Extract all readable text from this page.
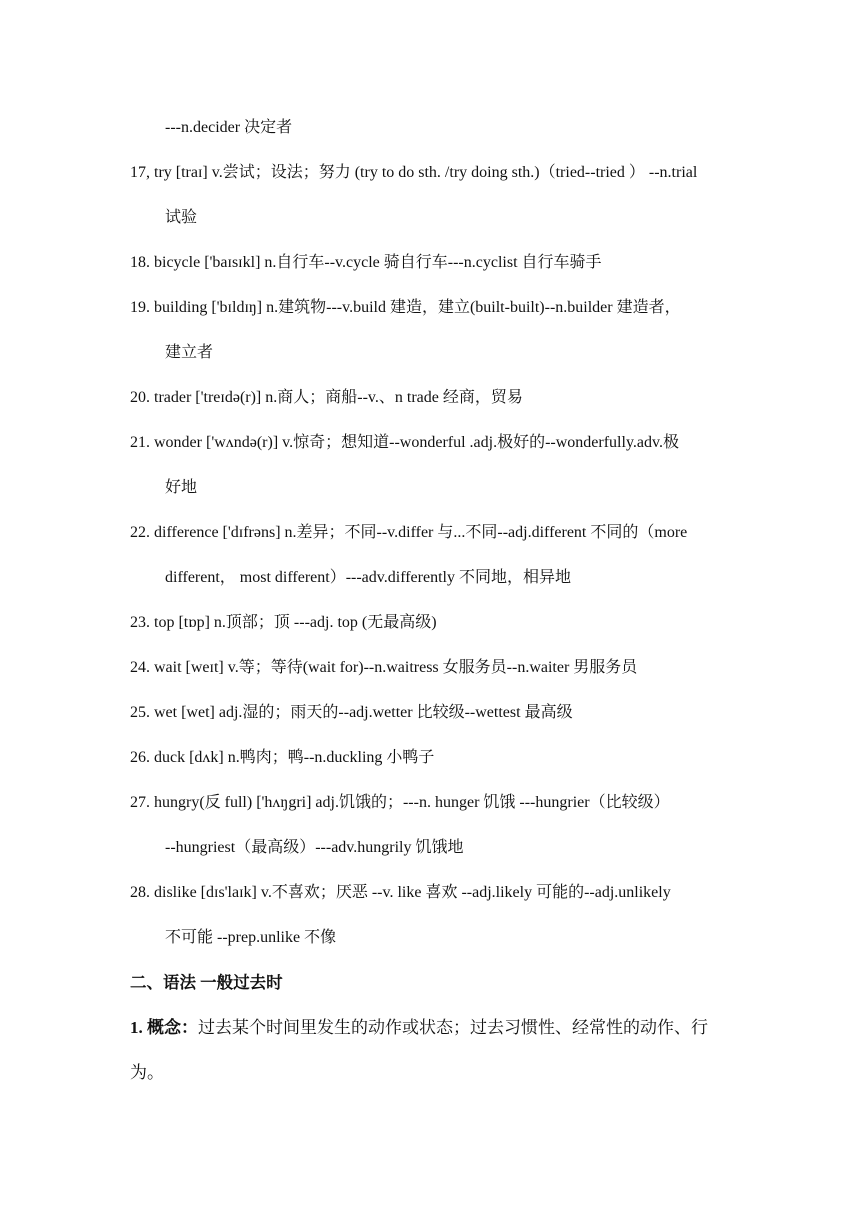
---n.decider 决定者
17, try [traɪ] v.尝试；设法；努力 (try to do sth. /try doing sth.)（tried--tried ） --n.trial
试验
18. bicycle ['baɪsɪkl] n.自行车--v.cycle 骑自行车---n.cyclist 自行车骑手
19. building ['bɪldɪŋ] n.建筑物---v.build 建造，建立(built-built)--n.builder 建造者，
建立者
20. trader ['treɪdə(r)] n.商人；商船--v.、n trade 经商，贸易
21. wonder ['wʌndə(r)] v.惊奇；想知道--wonderful .adj.极好的--wonderfully.adv.极
好地
22. difference ['dɪfrəns] n.差异；不同--v.differ 与...不同--adj.different 不同的（more
different， most different）---adv.differently 不同地，相异地
23. top [tɒp] n.顶部；顶 ---adj. top (无最高级)
24. wait [weɪt] v.等；等待(wait for)--n.waitress 女服务员--n.waiter 男服务员
25. wet [wet] adj.湿的；雨天的--adj.wetter 比较级--wettest 最高级
26. duck [dʌk] n.鸭肉；鸭--n.duckling 小鸭子
27. hungry(反 full) ['hʌŋgri] adj.饥饿的；---n. hunger 饥饿 ---hungrier（比较级）
--hungriest（最高级）---adv.hungrily 饥饿地
28. dislike [dɪs'laɪk] v.不喜欢；厌恶 --v. like 喜欢 --adj.likely 可能的--adj.unlikely
不可能 --prep.unlike 不像
二、语法 一般过去时
1. 概念：过去某个时间里发生的动作或状态；过去习惯性、经常性的动作、行
为。
